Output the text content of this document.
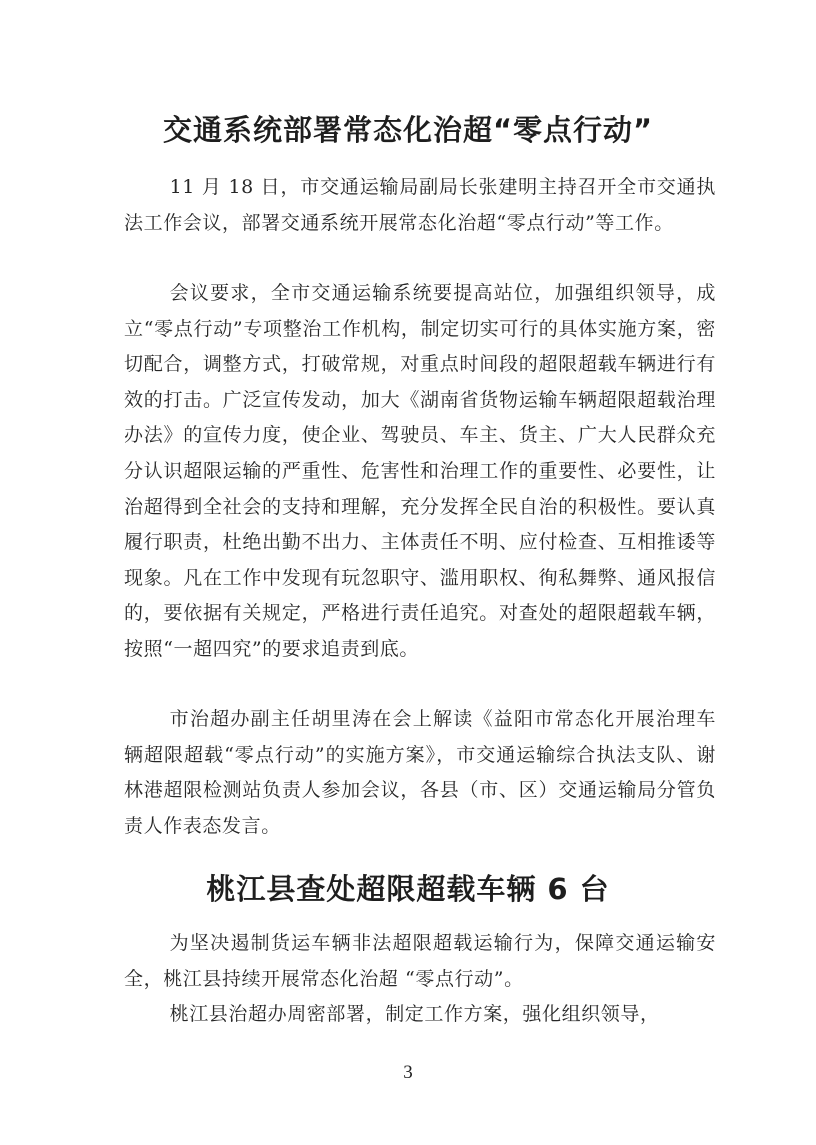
交通系统部署常态化治超“零点行动”

11 月 18 日，市交通运输局副局长张建明主持召开全市交通执法工作会议，部署交通系统开展常态化治超“零点行动”等工作。

会议要求，全市交通运输系统要提高站位，加强组织领导，成立“零点行动”专项整治工作机构，制定切实可行的具体实施方案，密切配合，调整方式，打破常规，对重点时间段的超限超载车辆进行有效的打击。广泛宣传发动，加大《湖南省货物运输车辆超限超载治理办法》的宣传力度，使企业、驾驶员、车主、货主、广大人民群众充分认识超限运输的严重性、危害性和治理工作的重要性、必要性，让治超得到全社会的支持和理解，充分发挥全民自治的积极性。要认真履行职责，杜绝出勤不出力、主体责任不明、应付检查、互相推诿等现象。凡在工作中发现有玩忽职守、滥用职权、徇私舞弊、通风报信的，要依据有关规定，严格进行责任追究。对查处的超限超载车辆，按照“一超四究”的要求追责到底。

市治超办副主任胡里涛在会上解读《益阳市常态化开展治理车辆超限超载“零点行动”的实施方案》，市交通运输综合执法支队、谢林港超限检测站负责人参加会议，各县（市、区）交通运输局分管负责人作表态发言。

桃江县查处超限超载车辆 6 台

为坚决遏制货运车辆非法超限超载运输行为，保障交通运输安全，桃江县持续开展常态化治超 “零点行动”。

桃江县治超办周密部署，制定工作方案，强化组织领导，

3
